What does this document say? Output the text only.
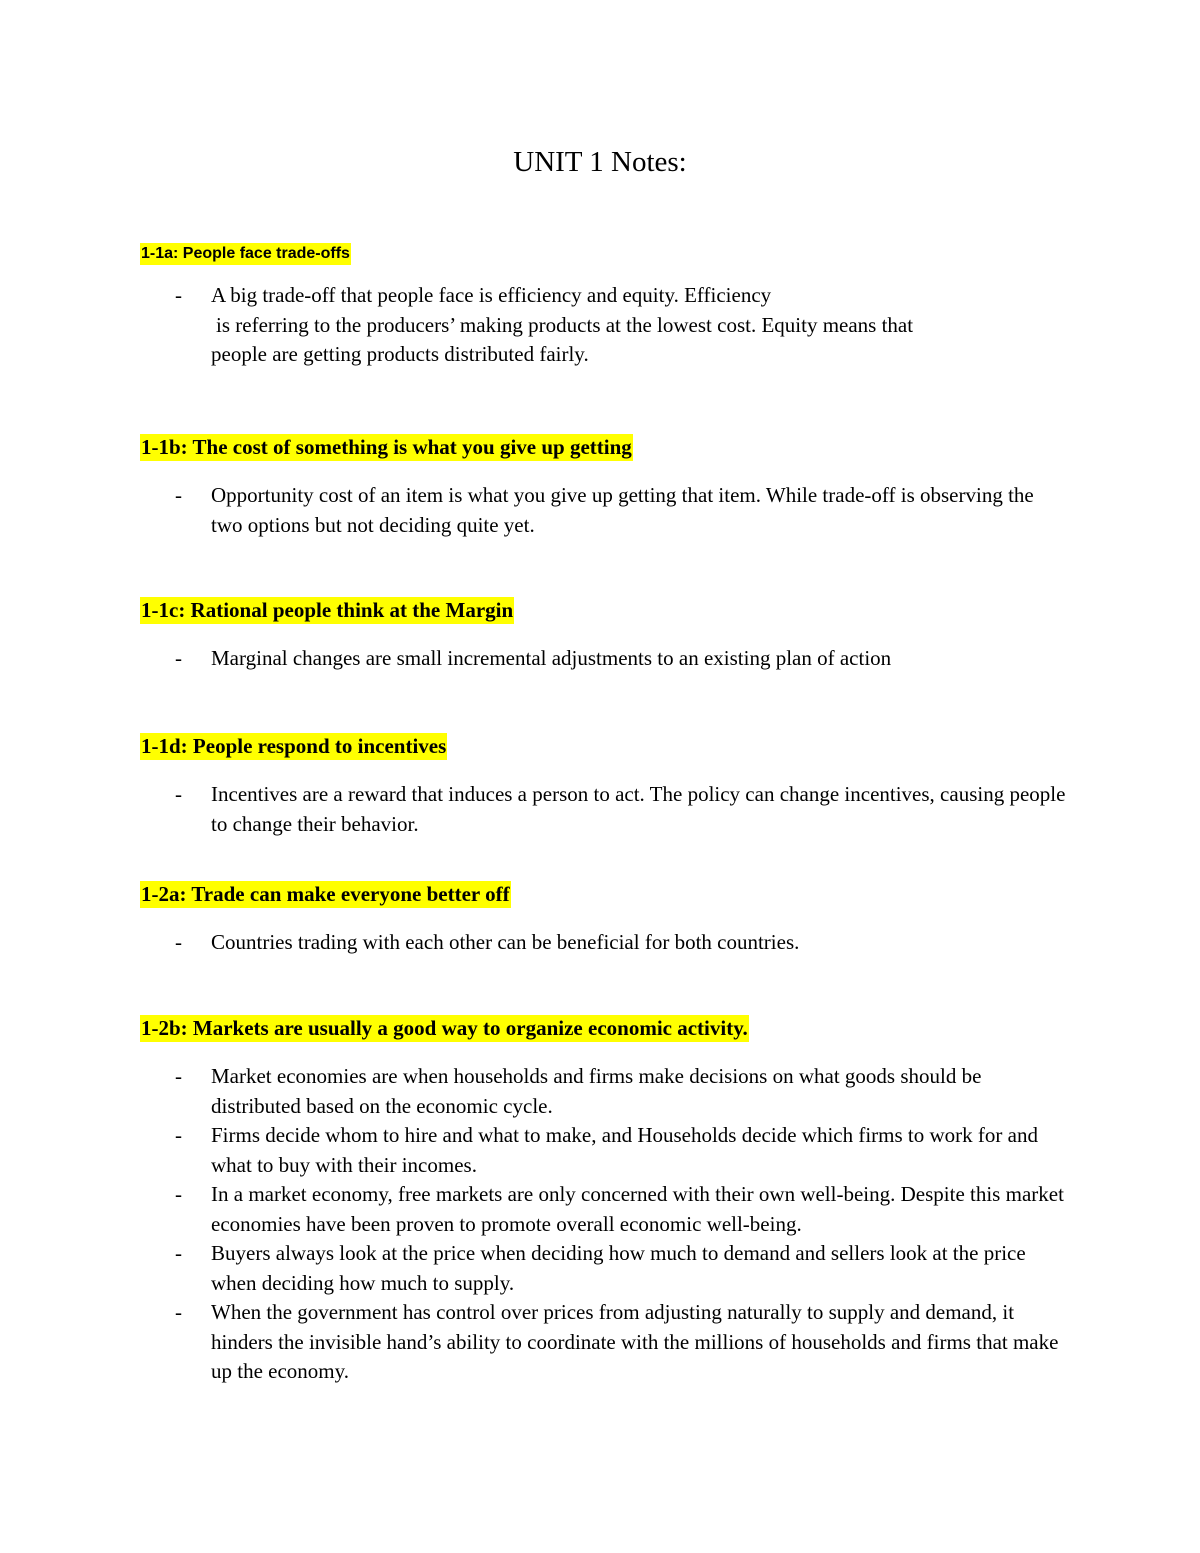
UNIT 1 Notes:
1-1a: People face trade-offs
- A big trade-off that people face is efficiency and equity. Efficiency
is referring to the producers’ making products at the lowest cost. Equity means that
people are getting products distributed fairly.
1-1b: The cost of something is what you give up getting
- Opportunity cost of an item is what you give up getting that item. While trade-off is observing the two options but not deciding quite yet.
1-1c: Rational people think at the Margin
- Marginal changes are small incremental adjustments to an existing plan of action
1-1d: People respond to incentives
- Incentives are a reward that induces a person to act. The policy can change incentives, causing people to change their behavior.
1-2a: Trade can make everyone better off
- Countries trading with each other can be beneficial for both countries.
1-2b: Markets are usually a good way to organize economic activity.
- Market economies are when households and firms make decisions on what goods should be distributed based on the economic cycle.
- Firms decide whom to hire and what to make, and Households decide which firms to work for and what to buy with their incomes.
- In a market economy, free markets are only concerned with their own well-being. Despite this market economies have been proven to promote overall economic well-being.
- Buyers always look at the price when deciding how much to demand and sellers look at the price when deciding how much to supply.
- When the government has control over prices from adjusting naturally to supply and demand, it hinders the invisible hand’s ability to coordinate with the millions of households and firms that make up the economy.
